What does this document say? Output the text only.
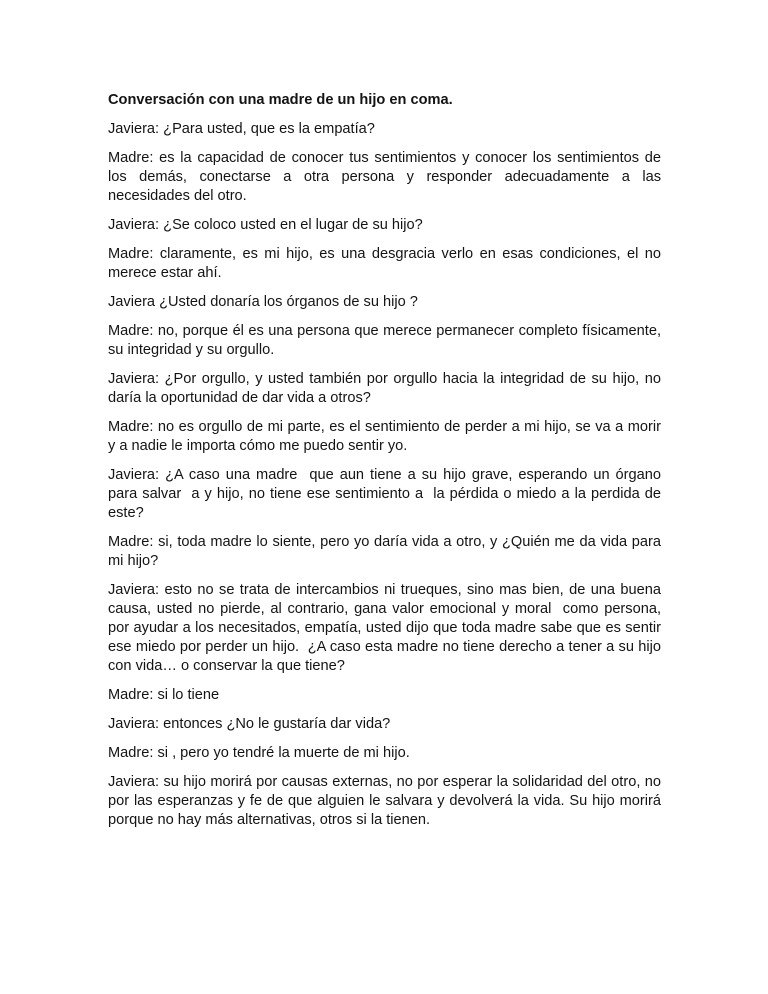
Conversación con una madre de un hijo en coma.

Javiera: ¿Para usted, que es la empatía?

Madre: es la capacidad de conocer tus sentimientos y conocer los sentimientos de los demás, conectarse a otra persona y responder adecuadamente a las necesidades del otro.

Javiera: ¿Se coloco usted en el lugar de su hijo?

Madre: claramente, es mi hijo, es una desgracia verlo en esas condiciones, el no merece estar ahí.

Javiera ¿Usted donaría los órganos de su hijo ?

Madre: no, porque él es una persona que merece permanecer completo físicamente, su integridad y su orgullo.

Javiera: ¿Por orgullo, y usted también por orgullo hacia la integridad de su hijo, no daría la oportunidad de dar vida a otros?

Madre: no es orgullo de mi parte, es el sentimiento de perder a mi hijo, se va a morir y a nadie le importa cómo me puedo sentir yo.

Javiera: ¿A caso una madre  que aun tiene a su hijo grave, esperando un órgano para salvar  a y hijo, no tiene ese sentimiento a  la pérdida o miedo a la perdida de este?

Madre: si, toda madre lo siente, pero yo daría vida a otro, y ¿Quién me da vida para mi hijo?

Javiera: esto no se trata de intercambios ni trueques, sino mas bien, de una buena causa, usted no pierde, al contrario, gana valor emocional y moral  como persona, por ayudar a los necesitados, empatía, usted dijo que toda madre sabe que es sentir ese miedo por perder un hijo.  ¿A caso esta madre no tiene derecho a tener a su hijo con vida… o conservar la que tiene?

Madre: si lo tiene

Javiera: entonces ¿No le gustaría dar vida?

Madre: si , pero yo tendré la muerte de mi hijo.

Javiera: su hijo morirá por causas externas, no por esperar la solidaridad del otro, no por las esperanzas y fe de que alguien le salvara y devolverá la vida. Su hijo morirá porque no hay más alternativas, otros si la tienen.
